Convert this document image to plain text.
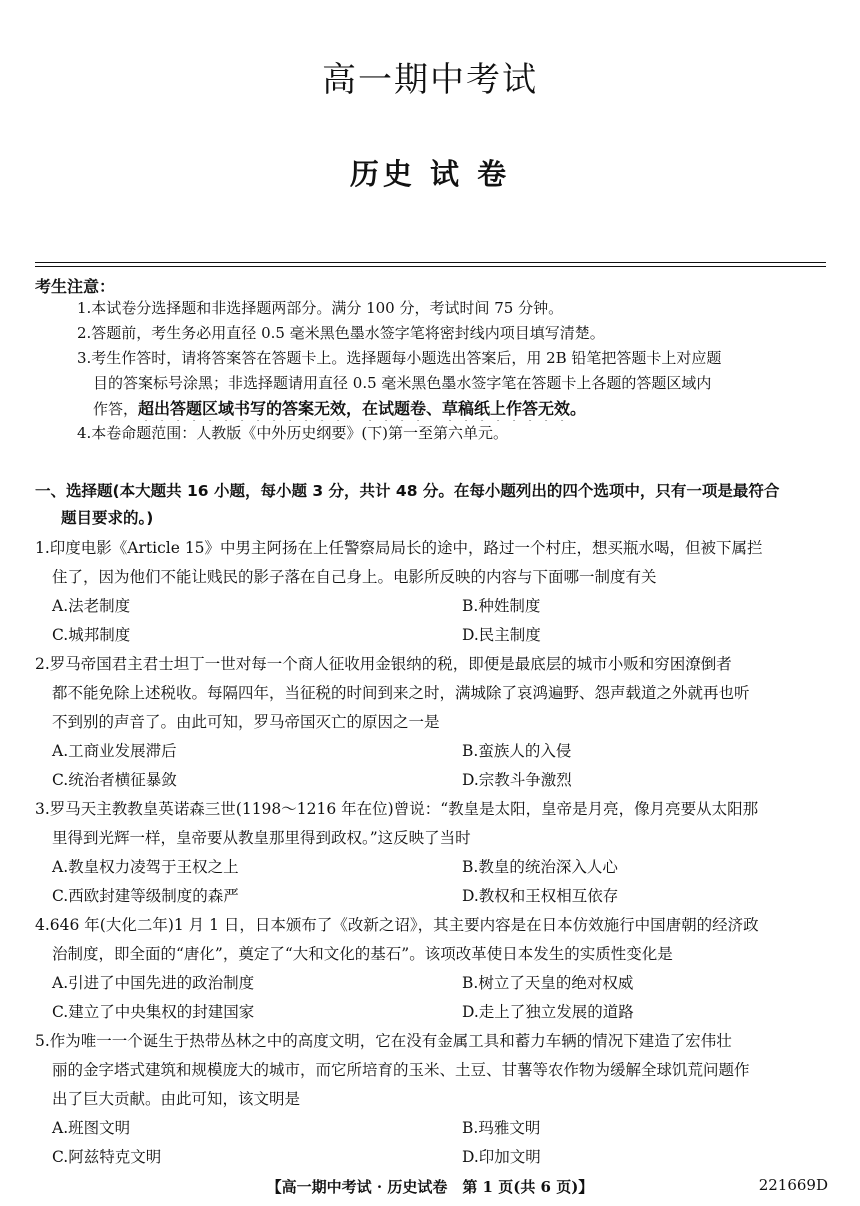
高一期中考试
历史 试 卷
考生注意：
1.本试卷分选择题和非选择题两部分。满分 100 分，考试时间 75 分钟。
2.答题前，考生务必用直径 0.5 毫米黑色墨水签字笔将密封线内项目填写清楚。
3.考生作答时，请将答案答在答题卡上。选择题每小题选出答案后，用 2B 铅笔把答题卡上对应题
目的答案标号涂黑；非选择题请用直径 0.5 毫米黑色墨水签字笔在答题卡上各题的答题区域内
作答，超出答题区域书写的答案无效，在试题卷、草稿纸上作答无效。
4.本卷命题范围：人教版《中外历史纲要》(下)第一至第六单元。
一、选择题(本大题共 16 小题，每小题 3 分，共计 48 分。在每小题列出的四个选项中，只有一项是最符合
题目要求的。)
1.印度电影《Article 15》中男主阿扬在上任警察局局长的途中，路过一个村庄，想买瓶水喝，但被下属拦
住了，因为他们不能让贱民的影子落在自己身上。电影所反映的内容与下面哪一制度有关
A.法老制度	B.种姓制度
C.城邦制度	D.民主制度
2.罗马帝国君主君士坦丁一世对每一个商人征收用金银纳的税，即便是最底层的城市小贩和穷困潦倒者
都不能免除上述税收。每隔四年，当征税的时间到来之时，满城除了哀鸿遍野、怨声载道之外就再也听
不到别的声音了。由此可知，罗马帝国灭亡的原因之一是
A.工商业发展滞后	B.蛮族人的入侵
C.统治者横征暴敛	D.宗教斗争激烈
3.罗马天主教教皇英诺森三世(1198～1216 年在位)曾说：“教皇是太阳，皇帝是月亮，像月亮要从太阳那
里得到光辉一样，皇帝要从教皇那里得到政权。”这反映了当时
A.教皇权力凌驾于王权之上	B.教皇的统治深入人心
C.西欧封建等级制度的森严	D.教权和王权相互依存
4.646 年(大化二年)1 月 1 日，日本颁布了《改新之诏》，其主要内容是在日本仿效施行中国唐朝的经济政
治制度，即全面的“唐化”，奠定了“大和文化的基石”。该项改革使日本发生的实质性变化是
A.引进了中国先进的政治制度	B.树立了天皇的绝对权威
C.建立了中央集权的封建国家	D.走上了独立发展的道路
5.作为唯一一个诞生于热带丛林之中的高度文明，它在没有金属工具和蓄力车辆的情况下建造了宏伟壮
丽的金字塔式建筑和规模庞大的城市，而它所培育的玉米、土豆、甘薯等农作物为缓解全球饥荒问题作
出了巨大贡献。由此可知，该文明是
A.班图文明	B.玛雅文明
C.阿兹特克文明	D.印加文明
【高一期中考试 · 历史试卷　第 1 页(共 6 页)】	221669D
